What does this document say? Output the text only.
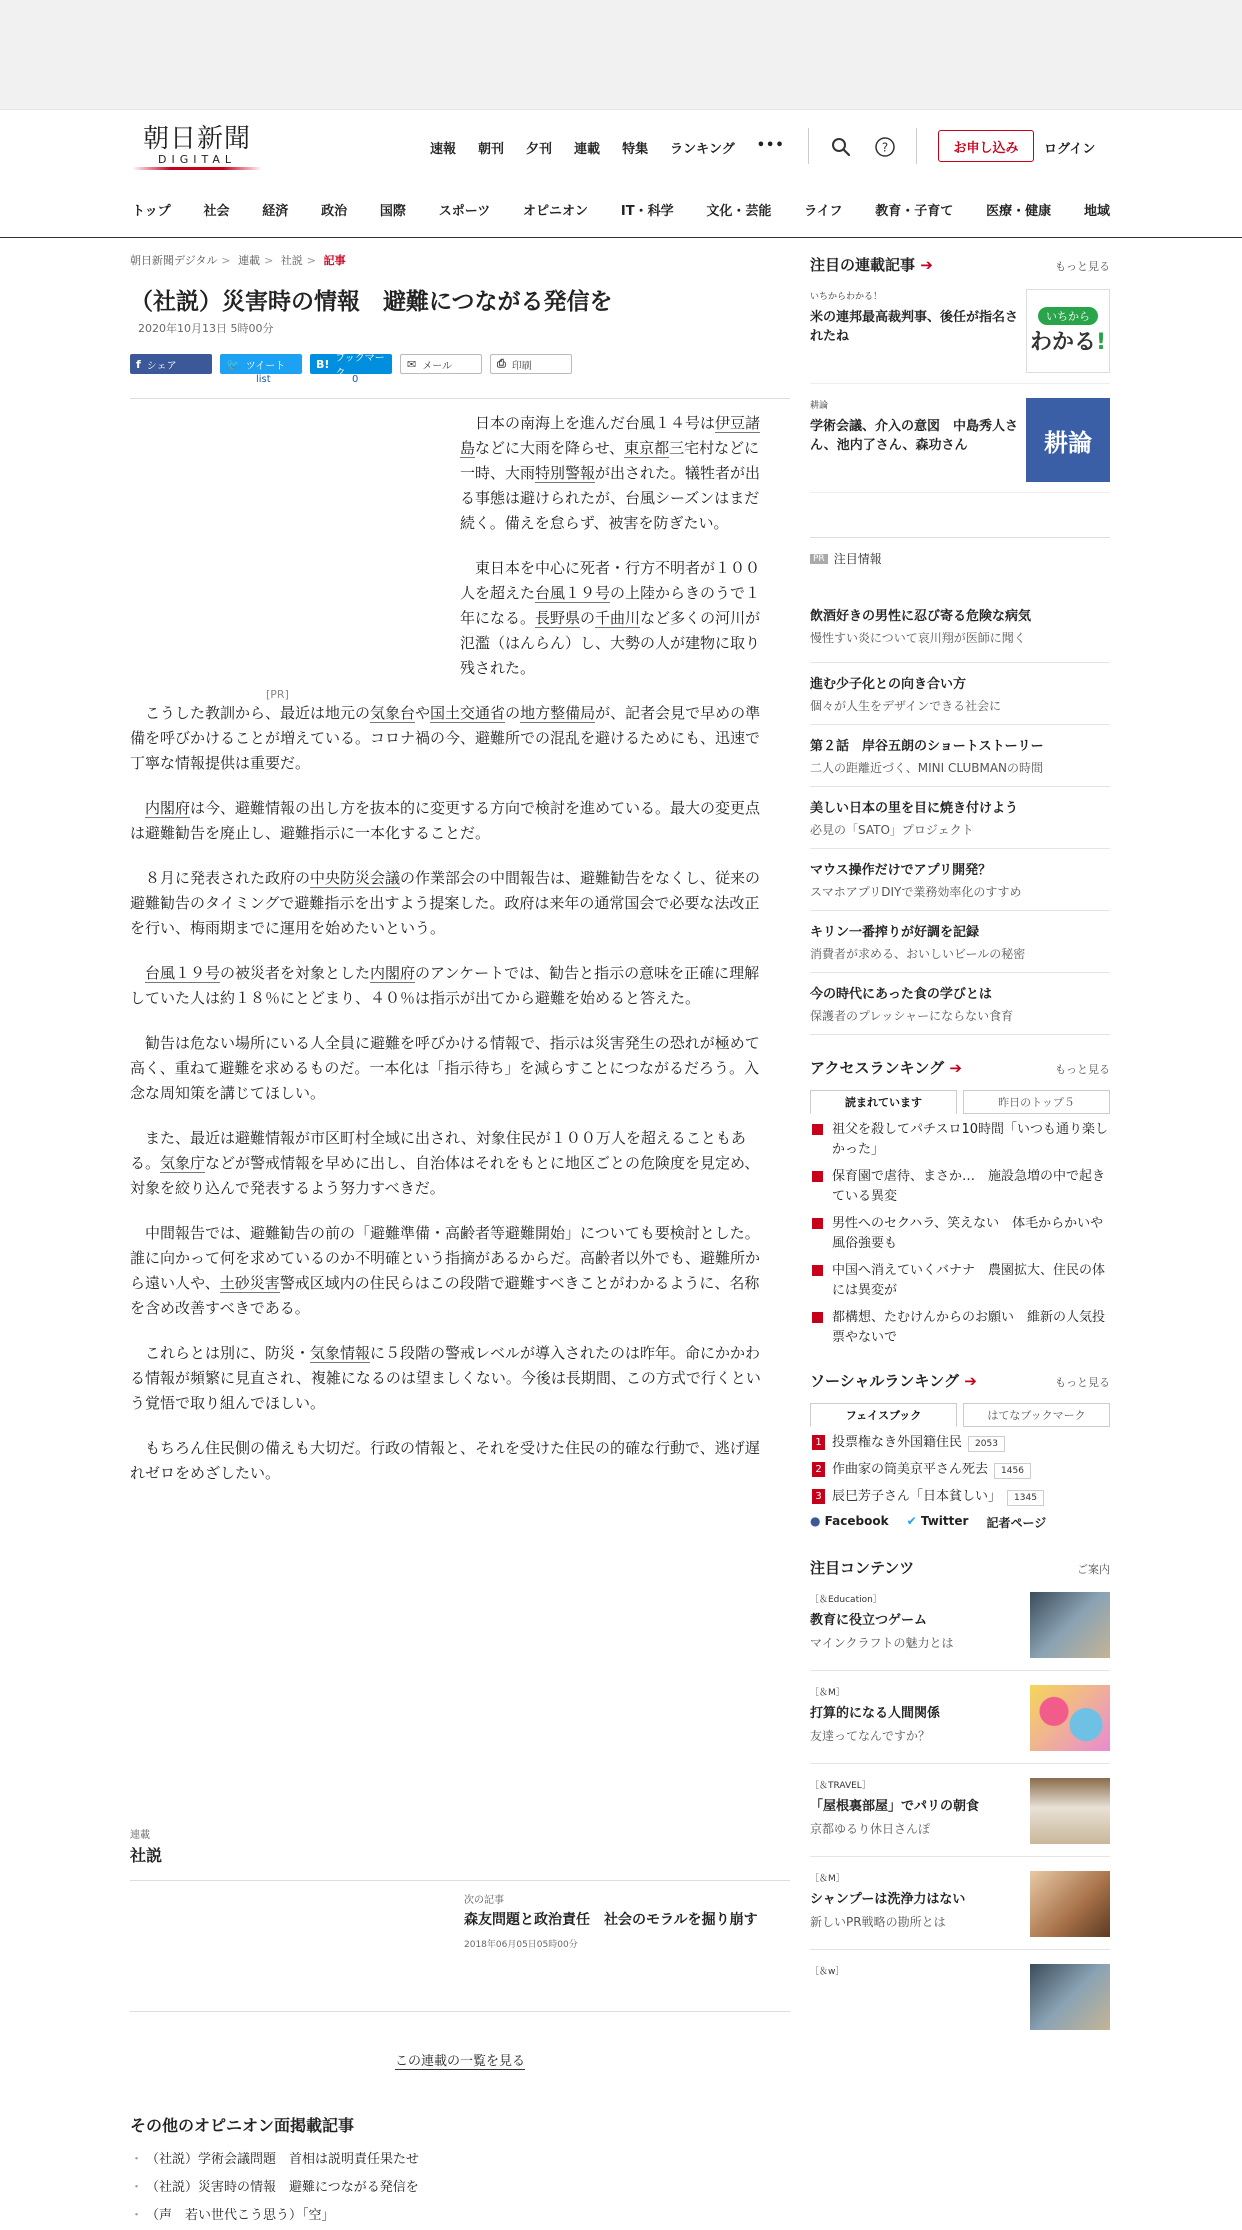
朝日新聞
DIGITAL
速報 朝刊 夕刊 連載 特集 ランキング •••	?	お申し込み	ログイン
トップ	社会	経済	政治	国際	スポーツ	オピニオン	IT・科学	文化・芸能	ライフ	教育・子育て	医療・健康	地域
朝日新聞デジタル > 連載 > 社説 > 記事
（社説）災害時の情報　避難につながる発信を
2020年10月13日 5時00分
f シェア	🐦 ツイート	B! ブックマーク
✉ メール	⎙ 印刷
list	0
[PR]

日本の南海上を進んだ台風１４号は伊豆諸島などに大雨を降らせ、東京都三宅村などに一時、大雨特別警報が出された。犠牲者が出る事態は避けられたが、台風シーズンはまだ続く。備えを怠らず、被害を防ぎたい。

東日本を中心に死者・行方不明者が１００人を超えた台風１９号の上陸からきのうで１年になる。長野県の千曲川など多くの河川が氾濫（はんらん）し、大勢の人が建物に取り残された。

こうした教訓から、最近は地元の気象台や国土交通省の地方整備局が、記者会見で早めの準備を呼びかけることが増えている。コロナ禍の今、避難所での混乱を避けるためにも、迅速で丁寧な情報提供は重要だ。

内閣府は今、避難情報の出し方を抜本的に変更する方向で検討を進めている。最大の変更点は避難勧告を廃止し、避難指示に一本化することだ。

８月に発表された政府の中央防災会議の作業部会の中間報告は、避難勧告をなくし、従来の避難勧告のタイミングで避難指示を出すよう提案した。政府は来年の通常国会で必要な法改正を行い、梅雨期までに運用を始めたいという。

台風１９号の被災者を対象とした内閣府のアンケートでは、勧告と指示の意味を正確に理解していた人は約１８％にとどまり、４０％は指示が出てから避難を始めると答えた。

勧告は危ない場所にいる人全員に避難を呼びかける情報で、指示は災害発生の恐れが極めて高く、重ねて避難を求めるものだ。一本化は「指示待ち」を減らすことにつながるだろう。入念な周知策を講じてほしい。

また、最近は避難情報が市区町村全域に出され、対象住民が１００万人を超えることもある。気象庁などが警戒情報を早めに出し、自治体はそれをもとに地区ごとの危険度を見定め、対象を絞り込んで発表するよう努力すべきだ。

中間報告では、避難勧告の前の「避難準備・高齢者等避難開始」についても要検討とした。誰に向かって何を求めているのか不明確という指摘があるからだ。高齢者以外でも、避難所から遠い人や、土砂災害警戒区域内の住民らはこの段階で避難すべきことがわかるように、名称を含め改善すべきである。

これらとは別に、防災・気象情報に５段階の警戒レベルが導入されたのは昨年。命にかかわる情報が頻繁に見直され、複雑になるのは望ましくない。今後は長期間、この方式で行くという覚悟で取り組んでほしい。

もちろん住民側の備えも大切だ。行政の情報と、それを受けた住民の的確な行動で、逃げ遅れゼロをめざしたい。

連載
社説
次の記事
森友問題と政治責任　社会のモラルを掘り崩す
2018年06月05日05時00分
この連載の一覧を見る
その他のオピニオン面掲載記事
・ （社説）学術会議問題　首相は説明責任果たせ
・ （社説）災害時の情報　避難につながる発信を
・ （声　若い世代こう思う）「空」
注目の連載記事 ➔	もっと見る
いちからわかる！
米の連邦最高裁判事、後任が指名されたね
いちから
わかる!
耕論
学術会議、介入の意図　中島秀人さん、池内了さん、森功さん	耕論
PR 注目情報
飲酒好きの男性に忍び寄る危険な病気
慢性すい炎について哀川翔が医師に聞く
進む少子化との向き合い方
個々が人生をデザインできる社会に
第２話　岸谷五朗のショートストーリー
二人の距離近づく、MINI CLUBMANの時間
美しい日本の里を目に焼き付けよう
必見の「SATO」プロジェクト
マウス操作だけでアプリ開発？
スマホアプリDIYで業務効率化のすすめ
キリン一番搾りが好調を記録
消費者が求める、おいしいビールの秘密
今の時代にあった食の学びとは
保護者のプレッシャーにならない食育
アクセスランキング ➔	もっと見る
読まれています	昨日のトップ５
祖父を殺してパチスロ10時間「いつも通り楽しかった」
保育園で虐待、まさか…　施設急増の中で起きている異変
男性へのセクハラ、笑えない　体毛からかいや風俗強要も
中国へ消えていくバナナ　農園拡大、住民の体には異変が
都構想、たむけんからのお願い　維新の人気投票やないで
ソーシャルランキング ➔	もっと見る
フェイスブック	はてなブックマーク
1 投票権なき外国籍住民 2053
2 作曲家の筒美京平さん死去 1456
3 辰巳芳子さん「日本貧しい」 1345
● Facebook ✔ Twitter 記者ページ
注目コンテンツ	ご案内
［＆Education］
教育に役立つゲーム
マインクラフトの魅力とは
［＆M］
打算的になる人間関係
友達ってなんですか？
［＆TRAVEL］
「屋根裏部屋」でパリの朝食
京都ゆるり休日さんぽ
［＆M］
シャンプーは洗浄力はない
新しいPR戦略の勘所とは
［＆w］
